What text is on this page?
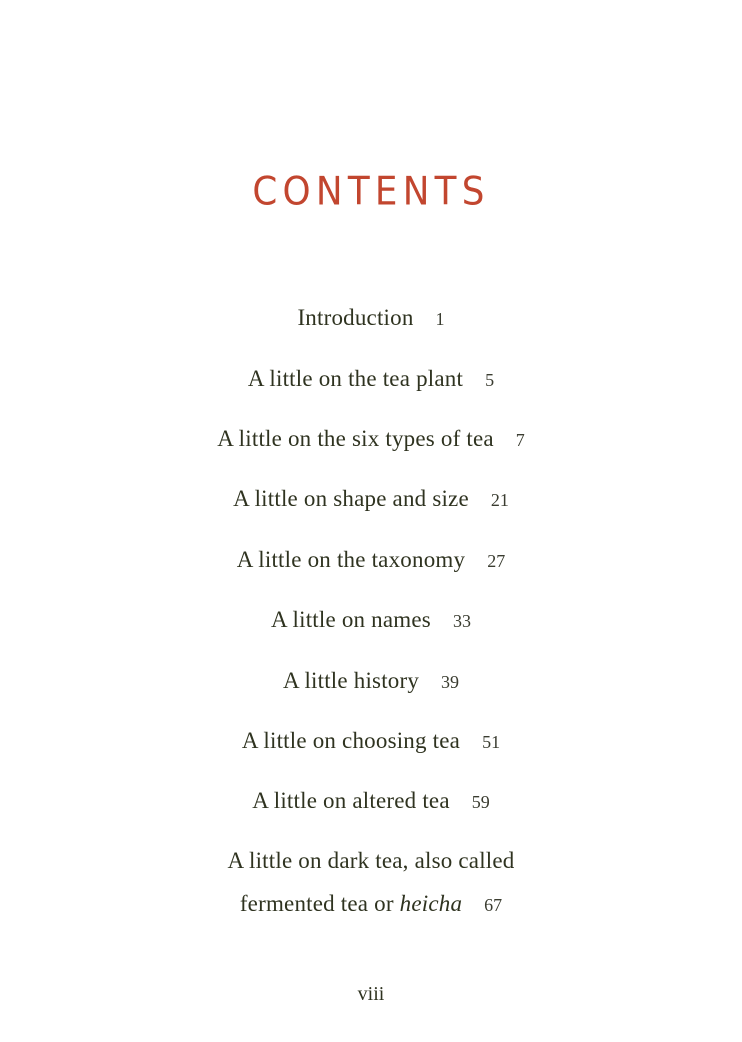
CONTENTS
Introduction 1
A little on the tea plant 5
A little on the six types of tea 7
A little on shape and size 21
A little on the taxonomy 27
A little on names 33
A little history 39
A little on choosing tea 51
A little on altered tea 59
A little on dark tea, also called
fermented tea or heicha 67
viii
